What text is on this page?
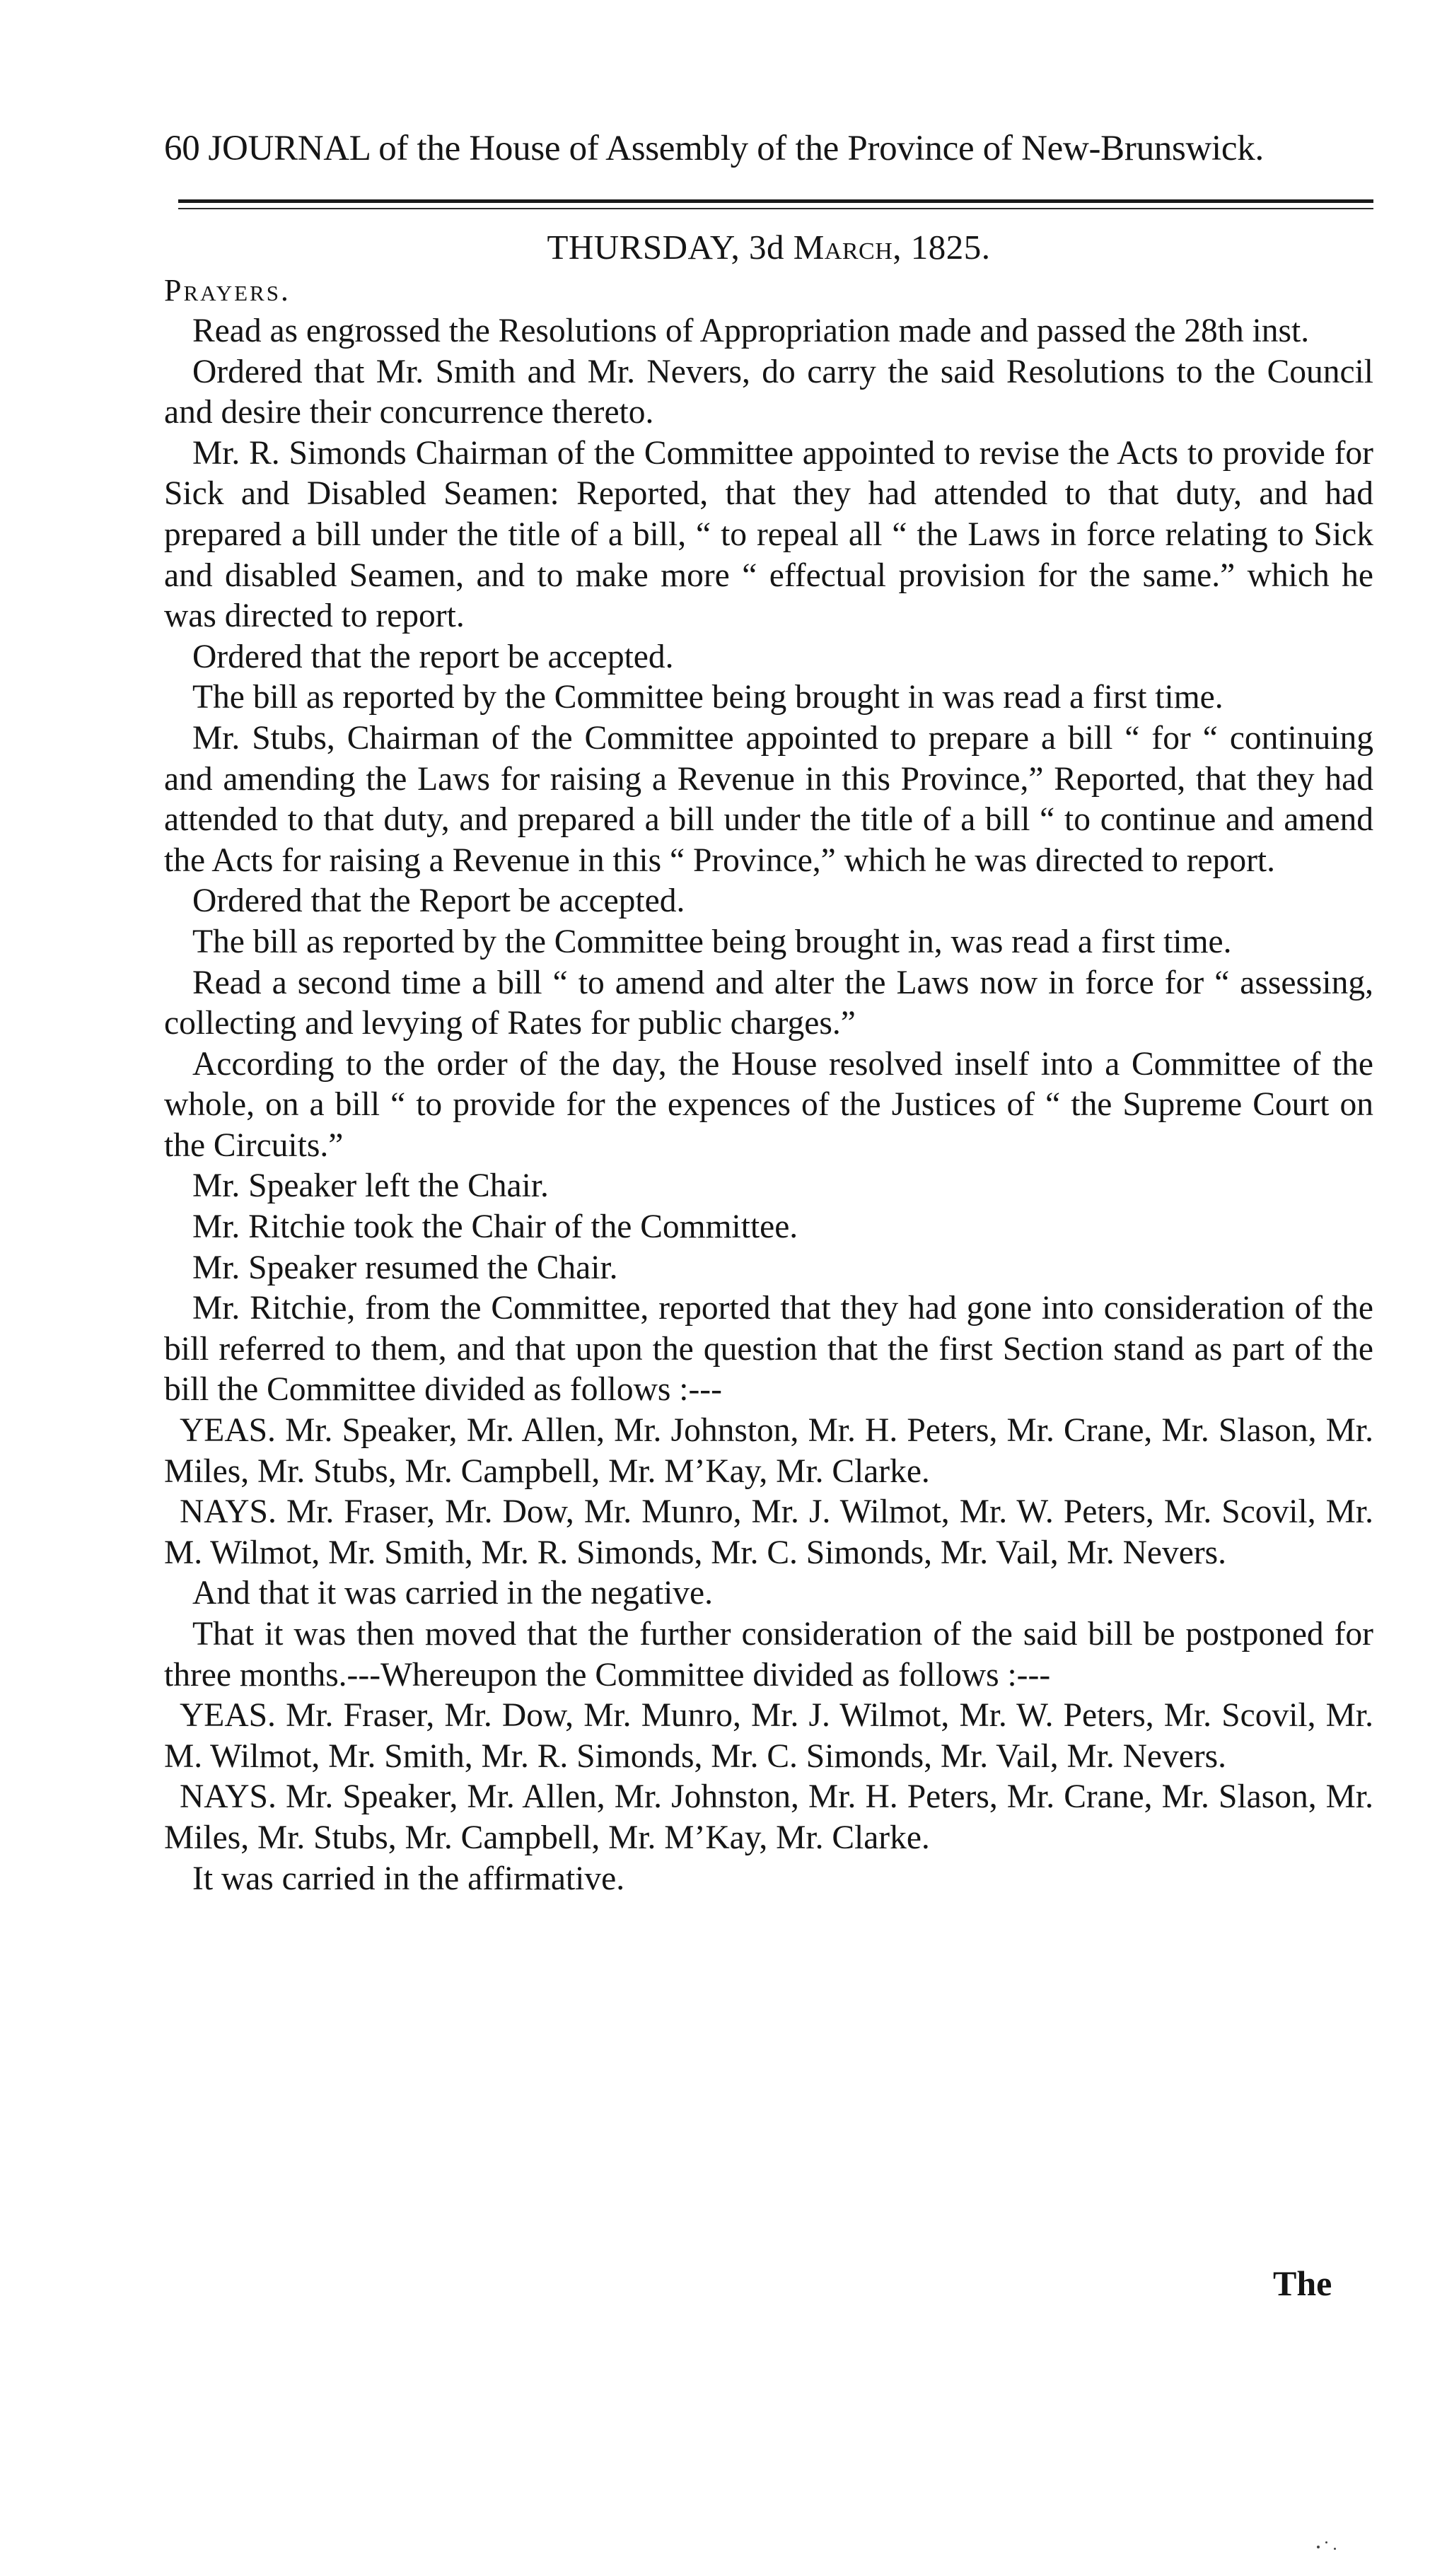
60 JOURNAL of the House of Assembly of the Province of New-Brunswick.
THURSDAY, 3d March, 1825.
Prayers.

Read as engrossed the Resolutions of Appropriation made and passed the 28th inst.

Ordered that Mr. Smith and Mr. Nevers, do carry the said Resolutions to the Council and desire their concurrence thereto.

Mr. R. Simonds Chairman of the Committee appointed to revise the Acts to provide for Sick and Disabled Seamen: Reported, that they had attended to that duty, and had prepared a bill under the title of a bill, “ to repeal all “ the Laws in force relating to Sick and disabled Seamen, and to make more “ effectual provision for the same.” which he was directed to report.

Ordered that the report be accepted.

The bill as reported by the Committee being brought in was read a first time.

Mr. Stubs, Chairman of the Committee appointed to prepare a bill “ for “ continuing and amending the Laws for raising a Revenue in this Province,” Reported, that they had attended to that duty, and prepared a bill under the title of a bill “ to continue and amend the Acts for raising a Revenue in this “ Province,” which he was directed to report.

Ordered that the Report be accepted.

The bill as reported by the Committee being brought in, was read a first time.

Read a second time a bill “ to amend and alter the Laws now in force for “ assessing, collecting and levying of Rates for public charges.”

According to the order of the day, the House resolved inself into a Committee of the whole, on a bill “ to provide for the expences of the Justices of “ the Supreme Court on the Circuits.”

Mr. Speaker left the Chair.

Mr. Ritchie took the Chair of the Committee.

Mr. Speaker resumed the Chair.

Mr. Ritchie, from the Committee, reported that they had gone into consideration of the bill referred to them, and that upon the question that the first Section stand as part of the bill the Committee divided as follows :---

YEAS. Mr. Speaker, Mr. Allen, Mr. Johnston, Mr. H. Peters, Mr. Crane, Mr. Slason, Mr. Miles, Mr. Stubs, Mr. Campbell, Mr. M’Kay, Mr. Clarke.

NAYS. Mr. Fraser, Mr. Dow, Mr. Munro, Mr. J. Wilmot, Mr. W. Peters, Mr. Scovil, Mr. M. Wilmot, Mr. Smith, Mr. R. Simonds, Mr. C. Simonds, Mr. Vail, Mr. Nevers.

And that it was carried in the negative.

That it was then moved that the further consideration of the said bill be postponed for three months.---Whereupon the Committee divided as follows :---

YEAS. Mr. Fraser, Mr. Dow, Mr. Munro, Mr. J. Wilmot, Mr. W. Peters, Mr. Scovil, Mr. M. Wilmot, Mr. Smith, Mr. R. Simonds, Mr. C. Simonds, Mr. Vail, Mr. Nevers.

NAYS. Mr. Speaker, Mr. Allen, Mr. Johnston, Mr. H. Peters, Mr. Crane, Mr. Slason, Mr. Miles, Mr. Stubs, Mr. Campbell, Mr. M’Kay, Mr. Clarke.

It was carried in the affirmative.

The
